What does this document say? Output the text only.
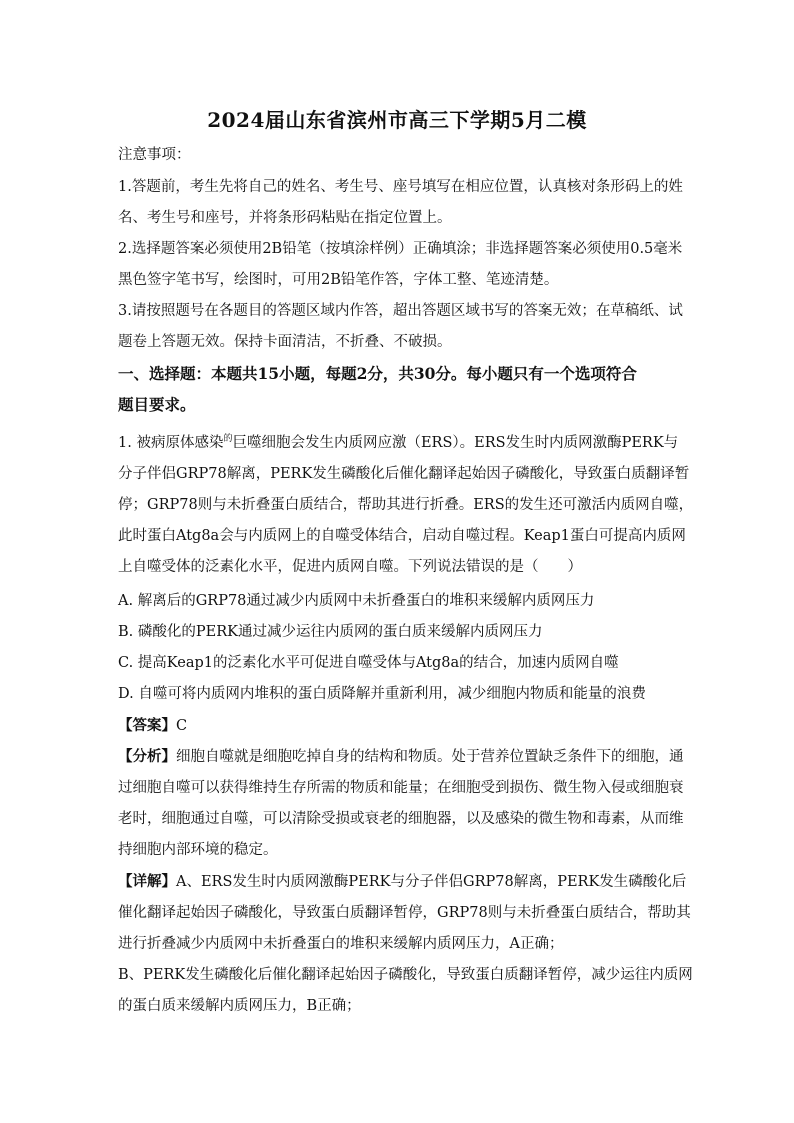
2024届山东省滨州市高三下学期5月二模
注意事项：
1.答题前，考生先将自己的姓名、考生号、座号填写在相应位置，认真核对条形码上的姓
名、考生号和座号，并将条形码粘贴在指定位置上。
2.选择题答案必须使用2B铅笔（按填涂样例）正确填涂；非选择题答案必须使用0.5毫米
黑色签字笔书写，绘图时，可用2B铅笔作答，字体工整、笔迹清楚。
3.请按照题号在各题目的答题区域内作答，超出答题区域书写的答案无效；在草稿纸、试
题卷上答题无效。保持卡面清洁，不折叠、不破损。
一、选择题：本题共15小题，每题2分，共30分。每小题只有一个选项符合
题目要求。
1. 被病原体感染$^的$巨噬细胞会发生内质网应激（ERS）。ERS发生时内质网激酶PERK与
分子伴侣GRP78解离，PERK发生磷酸化后催化翻译起始因子磷酸化，导致蛋白质翻译暂
停；GRP78则与未折叠蛋白质结合，帮助其进行折叠。ERS的发生还可激活内质网自噬，
此时蛋白Atg8a会与内质网上的自噬受体结合，启动自噬过程。Keap1蛋白可提高内质网
上自噬受体的泛素化水平，促进内质网自噬。下列说法错误的是（　　）
A. 解离后的GRP78通过减少内质网中未折叠蛋白的堆积来缓解内质网压力
B. 磷酸化的PERK通过减少运往内质网的蛋白质来缓解内质网压力
C. 提高Keap1的泛素化水平可促进自噬受体与Atg8a的结合，加速内质网自噬
D. 自噬可将内质网内堆积的蛋白质降解并重新利用，减少细胞内物质和能量的浪费
【答案】C
【分析】细胞自噬就是细胞吃掉自身的结构和物质。处于营养位置缺乏条件下的细胞，通
过细胞自噬可以获得维持生存所需的物质和能量；在细胞受到损伤、微生物入侵或细胞衰
老时，细胞通过自噬，可以清除受损或衰老的细胞器，以及感染的微生物和毒素，从而维
持细胞内部环境的稳定。
【详解】A、ERS发生时内质网激酶PERK与分子伴侣GRP78解离，PERK发生磷酸化后
催化翻译起始因子磷酸化，导致蛋白质翻译暂停，GRP78则与未折叠蛋白质结合，帮助其
进行折叠减少内质网中未折叠蛋白的堆积来缓解内质网压力，A正确；
B、PERK发生磷酸化后催化翻译起始因子磷酸化，导致蛋白质翻译暂停，减少运往内质网
的蛋白质来缓解内质网压力，B正确；
